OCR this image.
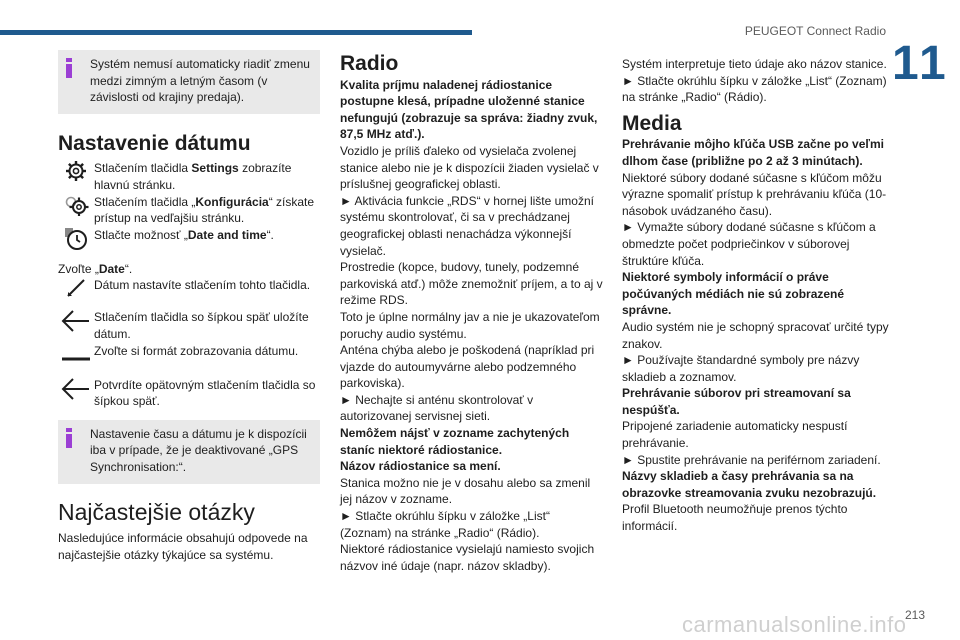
PEUGEOT Connect Radio
11

Systém nemusí automaticky riadiť zmenu medzi zimným a letným časom (v závislosti od krajiny predaja).

Nastavenie dátumu
Stlačením tlačidla Settings zobrazíte hlavnú stránku.
Stlačením tlačidla „Konfigurácia“ získate prístup na vedľajšiu stránku.
Stlačte možnosť „Date and time“.

Zvoľte „Date“.

Dátum nastavíte stlačením tohto tlačidla.
Stlačením tlačidla so šípkou späť uložíte dátum.
Zvoľte si formát zobrazovania dátumu.
Potvrdíte opätovným stlačením tlačidla so šípkou späť.

Nastavenie času a dátumu je k dispozícii iba v prípade, že je deaktivované „GPS Synchronisation:“.

Najčastejšie otázky

Nasledujúce informácie obsahujú odpovede na najčastejšie otázky týkajúce sa systému.

Radio

Kvalita príjmu naladenej rádiostanice postupne klesá, prípadne uloženné stanice nefungujú (zobrazuje sa správa: žiadny zvuk, 87,5 MHz atď.).

Vozidlo je príliš ďaleko od vysielača zvolenej stanice alebo nie je k dispozícii žiaden vysielač v príslušnej geografickej oblasti.

► Aktivácia funkcie „RDS“ v hornej lište umožní systému skontrolovať, či sa v prechádzanej geografickej oblasti nenachádza výkonnejší vysielač.

Prostredie (kopce, budovy, tunely, podzemné parkoviská atď.) môže znemožniť príjem, a to aj v režime RDS.

Toto je úplne normálny jav a nie je ukazovateľom poruchy audio systému.

Anténa chýba alebo je poškodená (napríklad pri vjazde do autoumyvárne alebo podzemného parkoviska).

► Nechajte si anténu skontrolovať v autorizovanej servisnej sieti.

Nemôžem nájsť v zozname zachytených staníc niektoré rádiostanice.

Názov rádiostanice sa mení.

Stanica možno nie je v dosahu alebo sa zmenil jej názov v zozname.

► Stlačte okrúhlu šípku v záložke „List“ (Zoznam) na stránke „Radio“ (Rádio).

Niektoré rádiostanice vysielajú namiesto svojich názvov iné údaje (napr. názov skladby).

Systém interpretuje tieto údaje ako názov stanice.

► Stlačte okrúhlu šípku v záložke „List“ (Zoznam) na stránke „Radio“ (Rádio).

Media

Prehrávanie môjho kľúča USB začne po veľmi dlhom čase (približne po 2 až 3 minútach).

Niektoré súbory dodané súčasne s kľúčom môžu výrazne spomaliť prístup k prehrávaniu kľúča (10-násobok uvádzaného času).

► Vymažte súbory dodané súčasne s kľúčom a obmedzte počet podpriečinkov v súborovej štruktúre kľúča.

Niektoré symboly informácií o práve počúvaných médiách nie sú zobrazené správne.

Audio systém nie je schopný spracovať určité typy znakov.

► Používajte štandardné symboly pre názvy skladieb a zoznamov.

Prehrávanie súborov pri streamovaní sa nespúšťa.

Pripojené zariadenie automaticky nespustí prehrávanie.

► Spustite prehrávanie na periférnom zariadení.

Názvy skladieb a časy prehrávania sa na obrazovke streamovania zvuku nezobrazujú.

Profil Bluetooth neumožňuje prenos týchto informácií.

carmanualsonline.info
213
